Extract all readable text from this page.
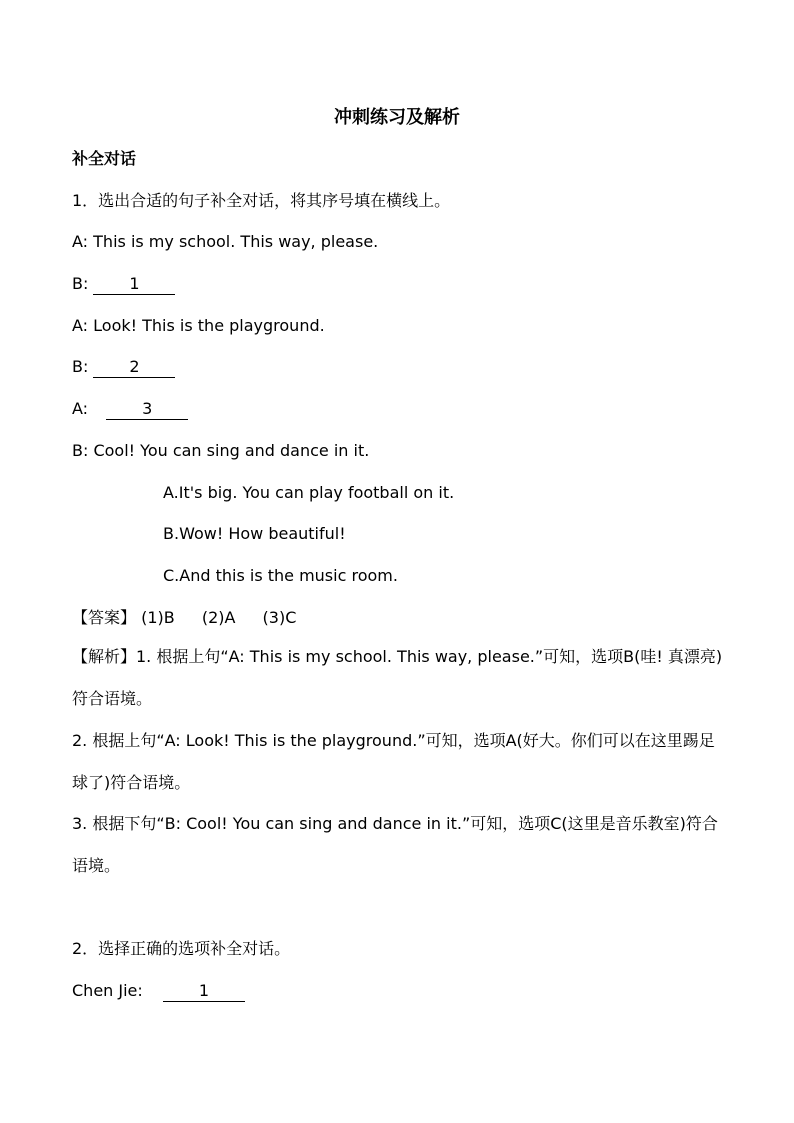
冲刺练习及解析
补全对话
1．选出合适的句子补全对话，将其序号填在横线上。
A: This is my school. This way, please.
B:	1
A: Look! This is the playground.
B:	2
A:	3
B: Cool! You can sing and dance in it.
A.It's big. You can play football on it.
B.Wow! How beautiful!
C.And this is the music room.
【答案】 (1)B (2)A (3)C
【解析】1. 根据上句“A: This is my school. This way, please.”可知，选项B(哇! 真漂亮)符合语境。
2. 根据上句“A: Look! This is the playground.”可知，选项A(好大。你们可以在这里踢足球了)符合语境。
3. 根据下句“B: Cool! You can sing and dance in it.”可知，选项C(这里是音乐教室)符合语境。
2．选择正确的选项补全对话。
Chen Jie:	1
